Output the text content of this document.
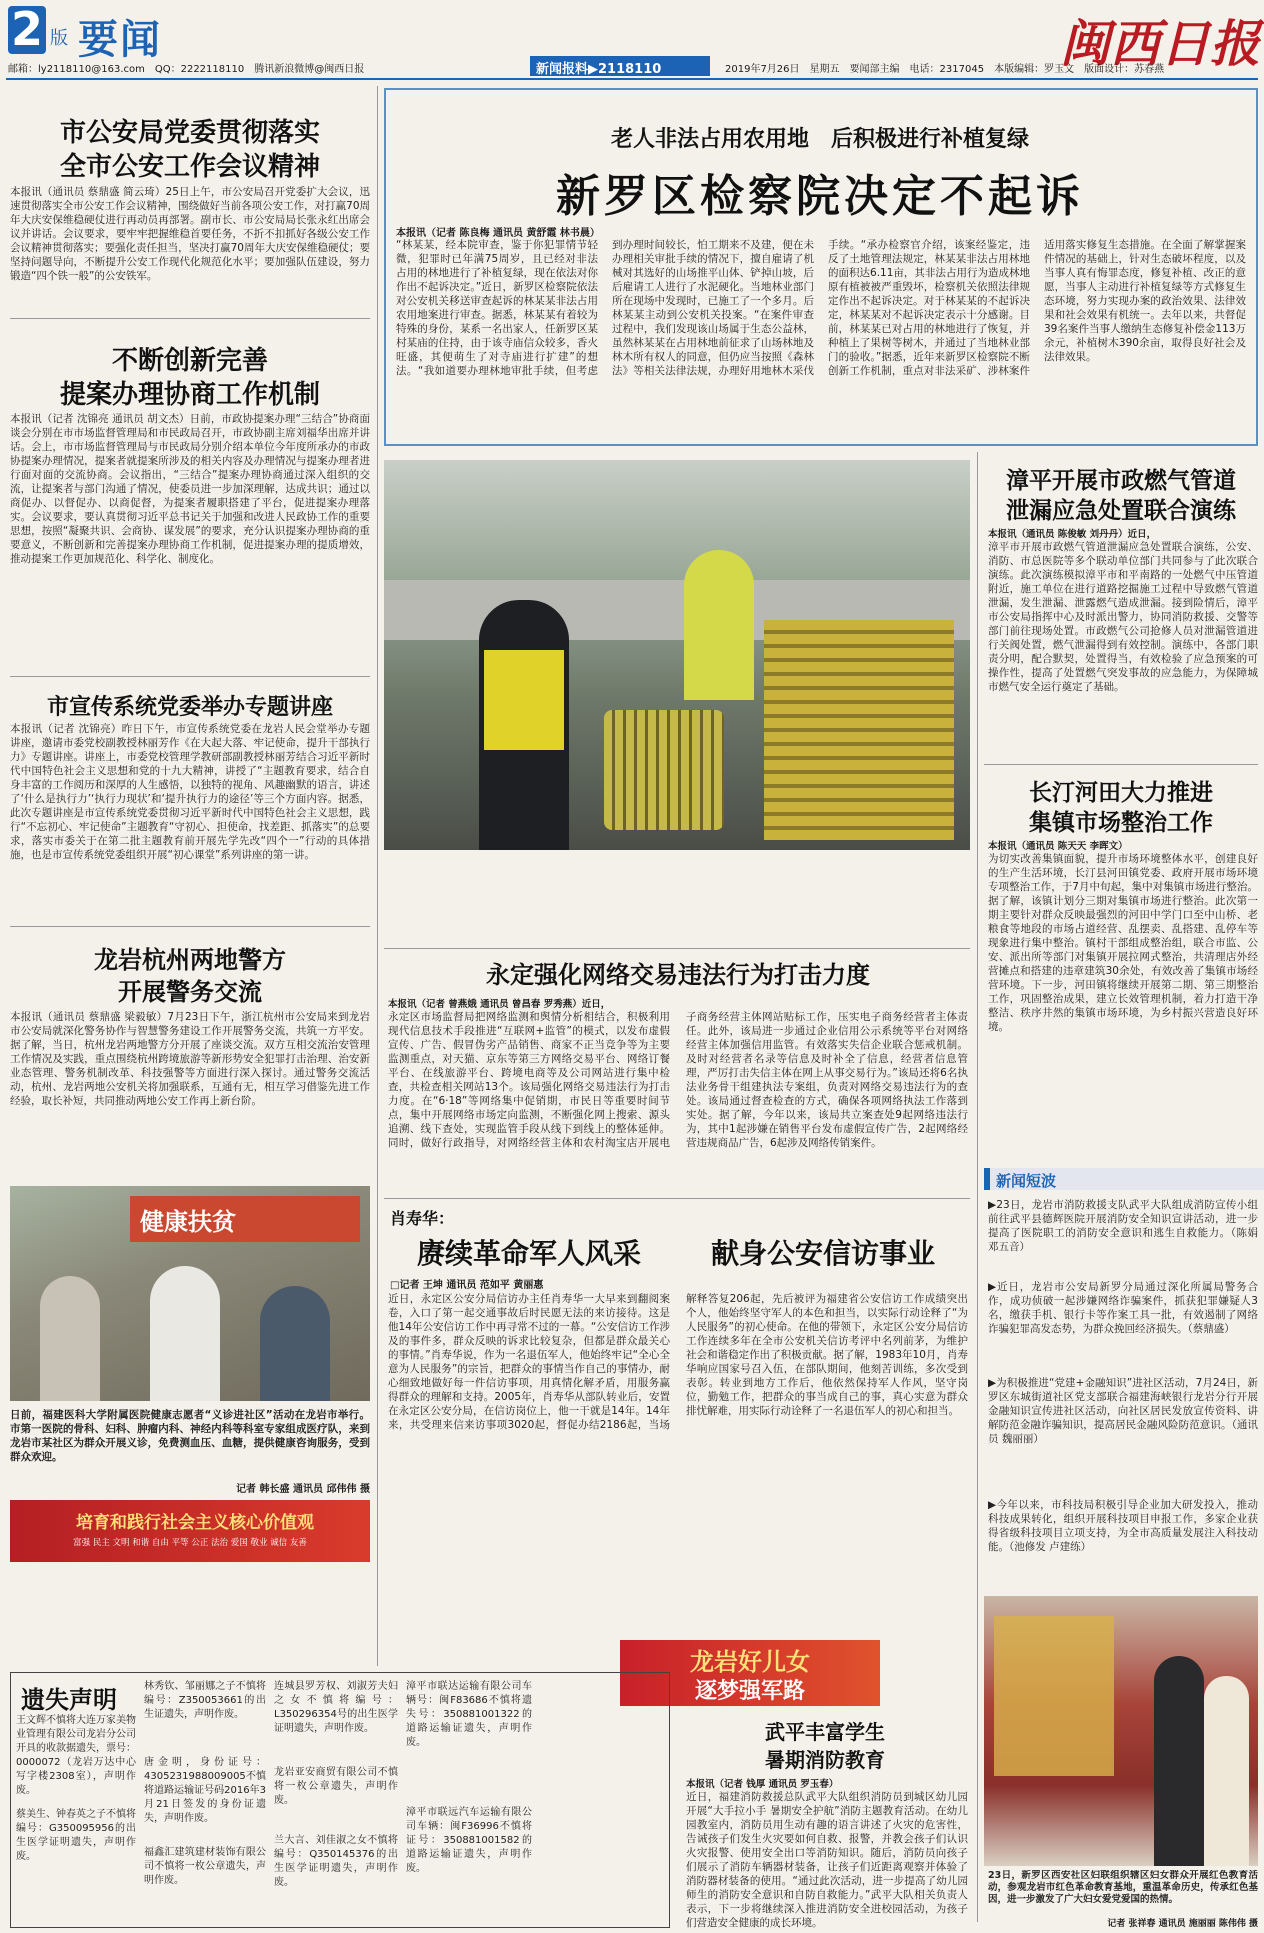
2 版 要闻	闽西日报
邮箱：ly2118110@163.com　QQ：2222118110　腾讯新浪微博@闽西日报	新闻报料▶2118110	2019年7月26日　星期五　要闻部主编　电话：2317045　本版编辑：罗玉文　版面设计：苏春燕
市公安局党委贯彻落实
全市公安工作会议精神
本报讯（通讯员 蔡鼎盛 简云琦）25日上午，市公安局召开党委扩大会议，迅速贯彻落实全市公安工作会议精神，围绕做好当前各项公安工作，对打赢70周年大庆安保维稳硬仗进行再动员再部署。副市长、市公安局局长张永红出席会议并讲话。会议要求，要牢牢把握维稳首要任务，不折不扣抓好各级公安工作会议精神贯彻落实；要强化责任担当，坚决打赢70周年大庆安保维稳硬仗；要坚持问题导向，不断提升公安工作现代化规范化水平；要加强队伍建设，努力锻造“四个铁一般”的公安铁军。
不断创新完善
提案办理协商工作机制
本报讯（记者 沈锦亮 通讯员 胡文杰）日前，市政协提案办理“三结合”协商面谈会分别在市市场监督管理局和市民政局召开，市政协副主席刘福华出席并讲话。会上，市市场监督管理局与市民政局分别介绍本单位今年度所承办的市政协提案办理情况，提案者就提案所涉及的相关内容及办理情况与提案办理者进行面对面的交流协商。会议指出，“三结合”提案办理协商通过深入组织的交流，让提案者与部门沟通了情况，使委员进一步加深理解，达成共识；通过以商促办、以督促办、以商促督，为提案者履职搭建了平台，促进提案办理落实。会议要求，要认真贯彻习近平总书记关于加强和改进人民政协工作的重要思想，按照“凝聚共识、会商协、谋发展”的要求，充分认识提案办理协商的重要意义，不断创新和完善提案办理协商工作机制，促进提案办理的提质增效，推动提案工作更加规范化、科学化、制度化。
市宣传系统党委举办专题讲座
本报讯（记者 沈锦亮）昨日下午，市宣传系统党委在龙岩人民会堂举办专题讲座，邀请市委党校副教授林丽芳作《在大起大落、牢记使命，提升干部执行力》专题讲座。讲座上，市委党校管理学教研部副教授林丽芳结合习近平新时代中国特色社会主义思想和党的十九大精神，讲授了“主题教育要求，结合自身丰富的工作阅历和深厚的人生感悟，以独特的视角、风趣幽默的语言，讲述了‘什么是执行力’‘执行力现状’和‘提升执行力的途径’等三个方面内容。据悉，此次专题讲座是市宣传系统党委贯彻习近平新时代中国特色社会主义思想，践行“不忘初心、牢记使命”主题教育“守初心、担使命，找差距、抓落实”的总要求，落实市委关于在第二批主题教育前开展先学先改“四个一”行动的具体措施，也是市宣传系统党委组织开展“初心课堂”系列讲座的第一讲。
龙岩杭州两地警方
开展警务交流
本报讯（通讯员 蔡鼎盛 梁毅敏）7月23日下午，浙江杭州市公安局来到龙岩市公安局就深化警务协作与智慧警务建设工作开展警务交流，共筑一方平安。据了解，当日，杭州龙岩两地警方分开展了座谈交流。双方互相交流治安管理工作情况及实践，重点围绕杭州跨境旅游等新形势安全犯罪打击治理、治安新业态管理、警务机制改革、科技强警等方面进行深入探讨。通过警务交流活动，杭州、龙岩两地公安机关将加强联系，互通有无，相互学习借鉴先进工作经验，取长补短，共同推动两地公安工作再上新台阶。
健康扶贫
日前，福建医科大学附属医院健康志愿者“义诊进社区”活动在龙岩市举行。市第一医院的骨科、妇科、肿瘤内科、神经内科等科室专家组成医疗队，来到龙岩市某社区为群众开展义诊，免费测血压、血糖，提供健康咨询服务，受到群众欢迎。
记者 韩长盛 通讯员 邱伟伟 摄
培育和践行社会主义核心价值观
富强 民主 文明 和谐 自由 平等 公正 法治 爱国 敬业 诚信 友善
老人非法占用农用地　后积极进行补植复绿
新罗区检察院决定不起诉
本报讯（记者 陈良梅 通讯员 黄舒霞 林书晨）
“林某某，经本院审查，鉴于你犯罪情节轻微，犯罪时已年满75周岁，且已经对非法占用的林地进行了补植复绿，现在依法对你作出不起诉决定。”近日，新罗区检察院依法对公安机关移送审查起诉的林某某非法占用农用地案进行审查。据悉，林某某有着较为特殊的身份，某系一名出家人，任新罗区某村某庙的住持，由于该寺庙信众较多，香火旺盛，其便萌生了对寺庙进行扩建”的想法。“我如道要办理林地审批手续，但考虑到办理时间较长，怕工期来不及建，便在未办理相关审批手续的情况下，擅自雇请了机械对其选好的山场推平山体、铲掉山坡，后后雇请工人进行了水泥硬化。当地林业部门所在现场中发现时，已施工了一个多月。后林某某主动到公安机关投案。“在案件审查过程中，我们发现该山场属于生态公益林，虽然林某某在占用林地前征求了山场林地及林木所有权人的同意，但仍应当按照《森林法》等相关法律法规，办理好用地林木采伐手续。“承办检察官介绍，该案经鉴定，违反了土地管理法规定，林某某非法占用林地的面积达6.11亩，其非法占用行为造成林地原有植被被严重毁坏，检察机关依照法律规定作出不起诉决定。对于林某某的不起诉决定，林某某对不起诉决定表示十分感谢。目前，林某某已对占用的林地进行了恢复，并种植上了果树等树木，并通过了当地林业部门的验收。”据悉，近年来新罗区检察院不断创新工作机制，重点对非法采矿、涉林案件适用落实修复生态措施。在全面了解掌握案件情况的基础上，针对生态破坏程度，以及当事人真有悔罪态度，修复补植、改正的意愿，当事人主动进行补植复绿等方式修复生态环境，努力实现办案的政治效果、法律效果和社会效果有机统一。去年以来，共督促39名案件当事人缴纳生态修复补偿金113万余元，补植树木390余亩，取得良好社会及法律效果。
永定强化网络交易违法行为打击力度
本报讯（记者 曾燕娥 通讯员 曾昌春 罗秀燕）近日，
永定区市场监督局把网络监测和舆情分析相结合，积极利用现代信息技术手段推进“互联网+监管”的模式，以发布虚假宣传、广告、假冒伪劣产品销售、商家不正当竞争等为主要监测重点，对天猫、京东等第三方网络交易平台、网络订餐平台、在线旅游平台、跨境电商等及公司网站进行集中检查，共检查相关网站13个。该局强化网络交易违法行为打击力度。在“6·18”等网络集中促销期，市民日等重要时间节点，集中开展网络市场定向监测，不断强化网上搜索、源头追溯、线下查处，实现监管手段从线下到线上的整体延伸。同时，做好行政指导，对网络经营主体和农村淘宝店开展电子商务经营主体网站贴标工作，压实电子商务经营者主体责任。此外，该局进一步通过企业信用公示系统等平台对网络经营主体加强信用监管。有效落实失信企业联合惩戒机制。及时对经营者名录等信息及时补全了信息，经营者信息管理，严厉打击失信主体在网上从事交易行为。”该局还将6名执法业务骨干组建执法专案组，负责对网络交易违法行为的查处。该局通过督查检查的方式，确保各项网络执法工作落到实处。据了解，今年以来，该局共立案查处9起网络违法行为，其中1起涉嫌在销售平台发布虚假宣传广告，2起网络经营违规商品广告，6起涉及网络传销案件。
肖寿华：
赓续革命军人风采	献身公安信访事业
□记者 王坤 通讯员 范如平 黄丽惠
近日，永定区公安分局信访办主任肖寿华一大早来到翻阅案卷，入口了第一起交通事故后时民愿无法的来访接待。这是他14年公安信访工作中再寻常不过的一幕。“公安信访工作涉及的事件多，群众反映的诉求比较复杂，但都是群众最关心的事情。”肖寿华说，作为一名退伍军人，他始终牢记“全心全意为人民服务”的宗旨，把群众的事情当作自己的事情办，耐心细致地做好每一件信访事项，用真情化解矛盾，用服务赢得群众的理解和支持。2005年，肖寿华从部队转业后，安置在永定区公安分局，在信访岗位上，他一干就是14年。14年来，共受理来信来访事项3020起，督促办结2186起，当场解释答复206起，先后被评为福建省公安信访工作成绩突出个人，他始终坚守军人的本色和担当，以实际行动诠释了“为人民服务”的初心使命。在他的带领下，永定区公安分局信访工作连续多年在全市公安机关信访考评中名列前茅，为维护社会和谐稳定作出了积极贡献。据了解，1983年10月，肖寿华响应国家号召入伍，在部队期间，他刻苦训练，多次受到表彰。转业到地方工作后，他依然保持军人作风，坚守岗位，勤勉工作，把群众的事当成自己的事，真心实意为群众排忧解难，用实际行动诠释了一名退伍军人的初心和担当。
龙岩好儿女
逐梦强军路
武平丰富学生
暑期消防教育
本报讯（记者 钱厚 通讯员 罗玉春）
近日，福建消防救援总队武平大队组织消防员到城区幼儿园开展“大手拉小手 暑期安全护航”消防主题教育活动。在幼儿园教室内，消防员用生动有趣的语言讲述了火灾的危害性，告诫孩子们发生火灾要如何自救、报警，并教会孩子们认识火灾报警、使用安全出口等消防知识。随后，消防员向孩子们展示了消防车辆器材装备，让孩子们近距离观察并体验了消防器材装备的使用。“通过此次活动，进一步提高了幼儿园师生的消防安全意识和自防自救能力。”武平大队相关负责人表示，下一步将继续深入推进消防安全进校园活动，为孩子们营造安全健康的成长环境。
遗失声明
王文辉不慎将大连万家美物业管理有限公司龙岩分公司开具的收款据遗失，票号：0000072（龙岩万达中心写字楼2308室），声明作废。
蔡美生、钟春英之子不慎将编号：G350095956的出生医学证明遗失，声明作废。
林秀钦、邹丽娜之子不慎将编号：Z350053661的出生证遗失，声明作废。
唐金明，身份证号：4305231988009005不慎将道路运输证号码2016年3月21日签发的身份证遗失，声明作废。
福鑫汇建筑建材装饰有限公司不慎将一枚公章遗失，声明作废。
连城县罗芳权、刘淑芳夫妇之女不慎将编号：L350296354号的出生医学证明遗失，声明作废。
龙岩亚安商贸有限公司不慎将一枚公章遗失，声明作废。
兰大言、刘佳淑之女不慎将编号：Q350145376的出生医学证明遗失，声明作废。
漳平市联达运输有限公司车辆号：闽F83686不慎将遗失号：350881001322的道路运输证遗失，声明作废。
漳平市联远汽车运输有限公司车辆：闽F36996不慎将证号：350881001582的道路运输证遗失，声明作废。
漳平开展市政燃气管道
泄漏应急处置联合演练
本报讯（通讯员 陈俊敏 刘丹丹）近日，
漳平市开展市政燃气管道泄漏应急处置联合演练，公安、消防、市总医院等多个联动单位部门共同参与了此次联合演练。此次演练模拟漳平市和平南路的一处燃气中压管道附近，施工单位在进行道路挖掘施工过程中导致燃气管道泄漏，发生泄漏、泄露燃气造成泄漏。接到险情后，漳平市公安局指挥中心及时派出警力，协同消防救援、交警等部门前往现场处置。市政燃气公司抢修人员对泄漏管道进行关阀处置，燃气泄漏得到有效控制。演练中，各部门职责分明，配合默契，处置得当，有效检验了应急预案的可操作性，提高了处置燃气突发事故的应急能力，为保障城市燃气安全运行奠定了基础。
长汀河田大力推进
集镇市场整治工作
本报讯（通讯员 陈天天 李晖文）
为切实改善集镇面貌，提升市场环境整体水平，创建良好的生产生活环境，长汀县河田镇党委、政府开展市场环境专项整治工作，于7月中旬起，集中对集镇市场进行整治。据了解，该镇计划分三期对集镇市场进行整治。此次第一期主要针对群众反映最强烈的河田中学门口至中山桥、老粮食等地段的市场占道经营、乱摆卖、乱搭建、乱停车等现象进行集中整治。镇村干部组成整治组，联合市监、公安、派出所等部门对集镇开展拉网式整治，共清理店外经营摊点和搭建的违章建筑30余处，有效改善了集镇市场经营环境。下一步，河田镇将继续开展第二期、第三期整治工作，巩固整治成果，建立长效管理机制，着力打造干净整洁、秩序井然的集镇市场环境，为乡村振兴营造良好环境。
新闻短波
▶23日，龙岩市消防救援支队武平大队组成消防宣传小组前往武平县德辉医院开展消防安全知识宣讲活动，进一步提高了医院职工的消防安全意识和逃生自救能力。（陈娟 邓五音）
▶近日，龙岩市公安局新罗分局通过深化所属局警务合作，成功侦破一起涉嫌网络诈骗案件，抓获犯罪嫌疑人3名，缴获手机、银行卡等作案工具一批，有效遏制了网络诈骗犯罪高发态势，为群众挽回经济损失。（蔡鼎盛）
▶为积极推进“党建+金融知识”进社区活动，7月24日，新罗区东城街道社区党支部联合福建海峡银行龙岩分行开展金融知识宣传进社区活动，向社区居民发放宣传资料、讲解防范金融诈骗知识，提高居民金融风险防范意识。（通讯员 魏丽丽）
▶今年以来，市科技局积极引导企业加大研发投入，推动科技成果转化，组织开展科技项目申报工作，多家企业获得省级科技项目立项支持，为全市高质量发展注入科技动能。（池修发 卢建练）
23日，新罗区西安社区妇联组织辖区妇女群众开展红色教育活动，参观龙岩市红色革命教育基地，重温革命历史，传承红色基因，进一步激发了广大妇女爱党爱国的热情。
记者 张祥春 通讯员 施丽丽 陈伟伟 摄
